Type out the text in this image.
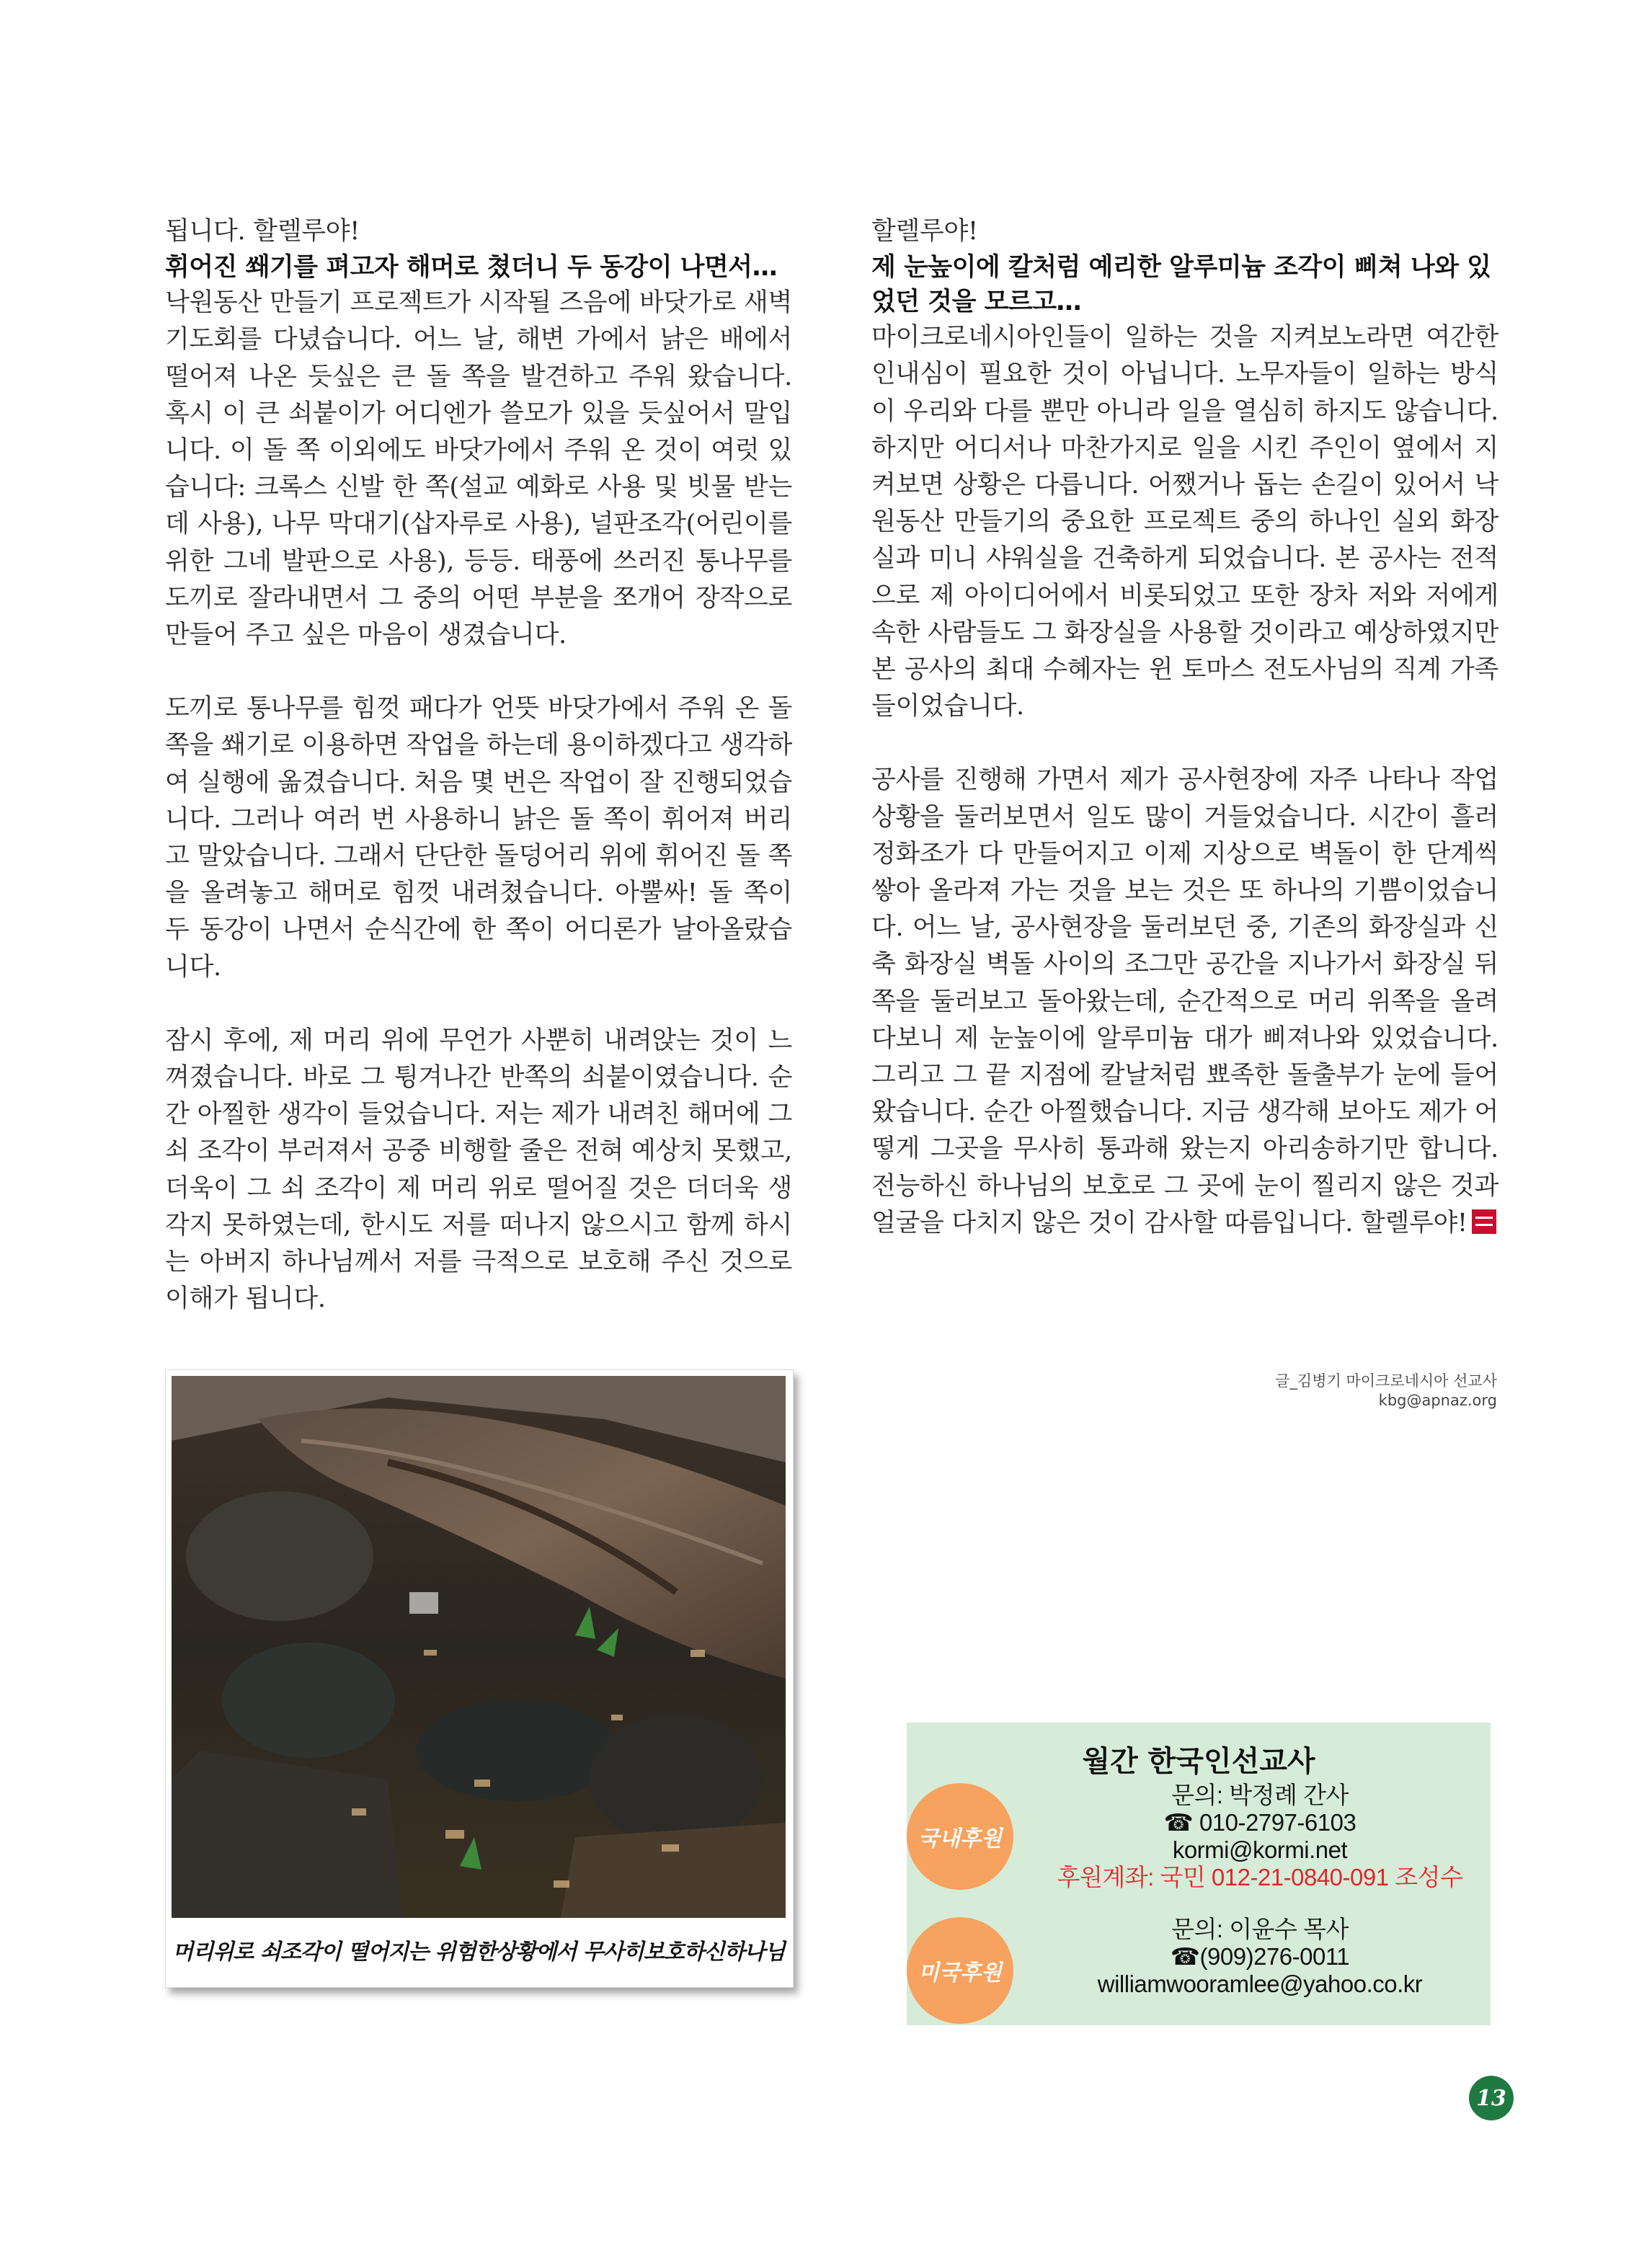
됩니다. 할렐루야!

휘어진 쐐기를 펴고자 해머로 쳤더니 두 동강이 나면서…

낙원동산 만들기 프로젝트가 시작될 즈음에 바닷가로 새벽기도회를 다녔습니다. 어느 날, 해변 가에서 낡은 배에서 떨어져 나온 듯싶은 큰 돌 쪽을 발견하고 주워 왔습니다. 혹시 이 큰 쇠붙이가 어디엔가 쓸모가 있을 듯싶어서 말입니다. 이 돌 쪽 이외에도 바닷가에서 주워 온 것이 여럿 있습니다: 크록스 신발 한 쪽(설교 예화로 사용 및 빗물 받는데 사용), 나무 막대기(삽자루로 사용), 널판조각(어린이를 위한 그네 발판으로 사용), 등등. 태풍에 쓰러진 통나무를 도끼로 잘라내면서 그 중의 어떤 부분을 쪼개어 장작으로 만들어 주고 싶은 마음이 생겼습니다.

도끼로 통나무를 힘껏 패다가 언뜻 바닷가에서 주워 온 돌 쪽을 쐐기로 이용하면 작업을 하는데 용이하겠다고 생각하여 실행에 옮겼습니다. 처음 몇 번은 작업이 잘 진행되었습니다. 그러나 여러 번 사용하니 낡은 돌 쪽이 휘어져 버리고 말았습니다. 그래서 단단한 돌덩어리 위에 휘어진 돌 쪽을 올려놓고 해머로 힘껏 내려쳤습니다. 아뿔싸! 돌 쪽이 두 동강이 나면서 순식간에 한 쪽이 어디론가 날아올랐습니다.

잠시 후에, 제 머리 위에 무언가 사뿐히 내려앉는 것이 느껴졌습니다. 바로 그 튕겨나간 반쪽의 쇠붙이였습니다. 순간 아찔한 생각이 들었습니다. 저는 제가 내려친 해머에 그 쇠 조각이 부러져서 공중 비행할 줄은 전혀 예상치 못했고, 더욱이 그 쇠 조각이 제 머리 위로 떨어질 것은 더더욱 생각지 못하였는데, 한시도 저를 떠나지 않으시고 함께 하시는 아버지 하나님께서 저를 극적으로 보호해 주신 것으로 이해가 됩니다.

할렐루야!

제 눈높이에 칼처럼 예리한 알루미늄 조각이 삐쳐 나와 있었던 것을 모르고…

마이크로네시아인들이 일하는 것을 지켜보노라면 여간한 인내심이 필요한 것이 아닙니다. 노무자들이 일하는 방식이 우리와 다를 뿐만 아니라 일을 열심히 하지도 않습니다. 하지만 어디서나 마찬가지로 일을 시킨 주인이 옆에서 지켜보면 상황은 다릅니다. 어쨌거나 돕는 손길이 있어서 낙원동산 만들기의 중요한 프로젝트 중의 하나인 실외 화장실과 미니 샤워실을 건축하게 되었습니다. 본 공사는 전적으로 제 아이디어에서 비롯되었고 또한 장차 저와 저에게 속한 사람들도 그 화장실을 사용할 것이라고 예상하였지만 본 공사의 최대 수혜자는 윈 토마스 전도사님의 직계 가족들이었습니다.

공사를 진행해 가면서 제가 공사현장에 자주 나타나 작업 상황을 둘러보면서 일도 많이 거들었습니다. 시간이 흘러 정화조가 다 만들어지고 이제 지상으로 벽돌이 한 단계씩 쌓아 올라져 가는 것을 보는 것은 또 하나의 기쁨이었습니다. 어느 날, 공사현장을 둘러보던 중, 기존의 화장실과 신축 화장실 벽돌 사이의 조그만 공간을 지나가서 화장실 뒤쪽을 둘러보고 돌아왔는데, 순간적으로 머리 위쪽을 올려다보니 제 눈높이에 알루미늄 대가 삐져나와 있었습니다. 그리고 그 끝 지점에 칼날처럼 뾰족한 돌출부가 눈에 들어왔습니다. 순간 아찔했습니다. 지금 생각해 보아도 제가 어떻게 그곳을 무사히 통과해 왔는지 아리송하기만 합니다. 전능하신 하나님의 보호로 그 곳에 눈이 찔리지 않은 것과 얼굴을 다치지 않은 것이 감사할 따름입니다. 할렐루야!

머리위로 쇠조각이 떨어지는 위험한상황에서 무사히보호하신하나님
글_김병기 마이크로네시아 선교사
kbg@apnaz.org
월간 한국인선교사
국내후원
문의: 박정례 간사
☎ 010-2797-6103
kormi@kormi.net
후원계좌: 국민 012-21-0840-091 조성수
미국후원
문의: 이윤수 목사
☎(909)276-0011
williamwooramlee@yahoo.co.kr
13
